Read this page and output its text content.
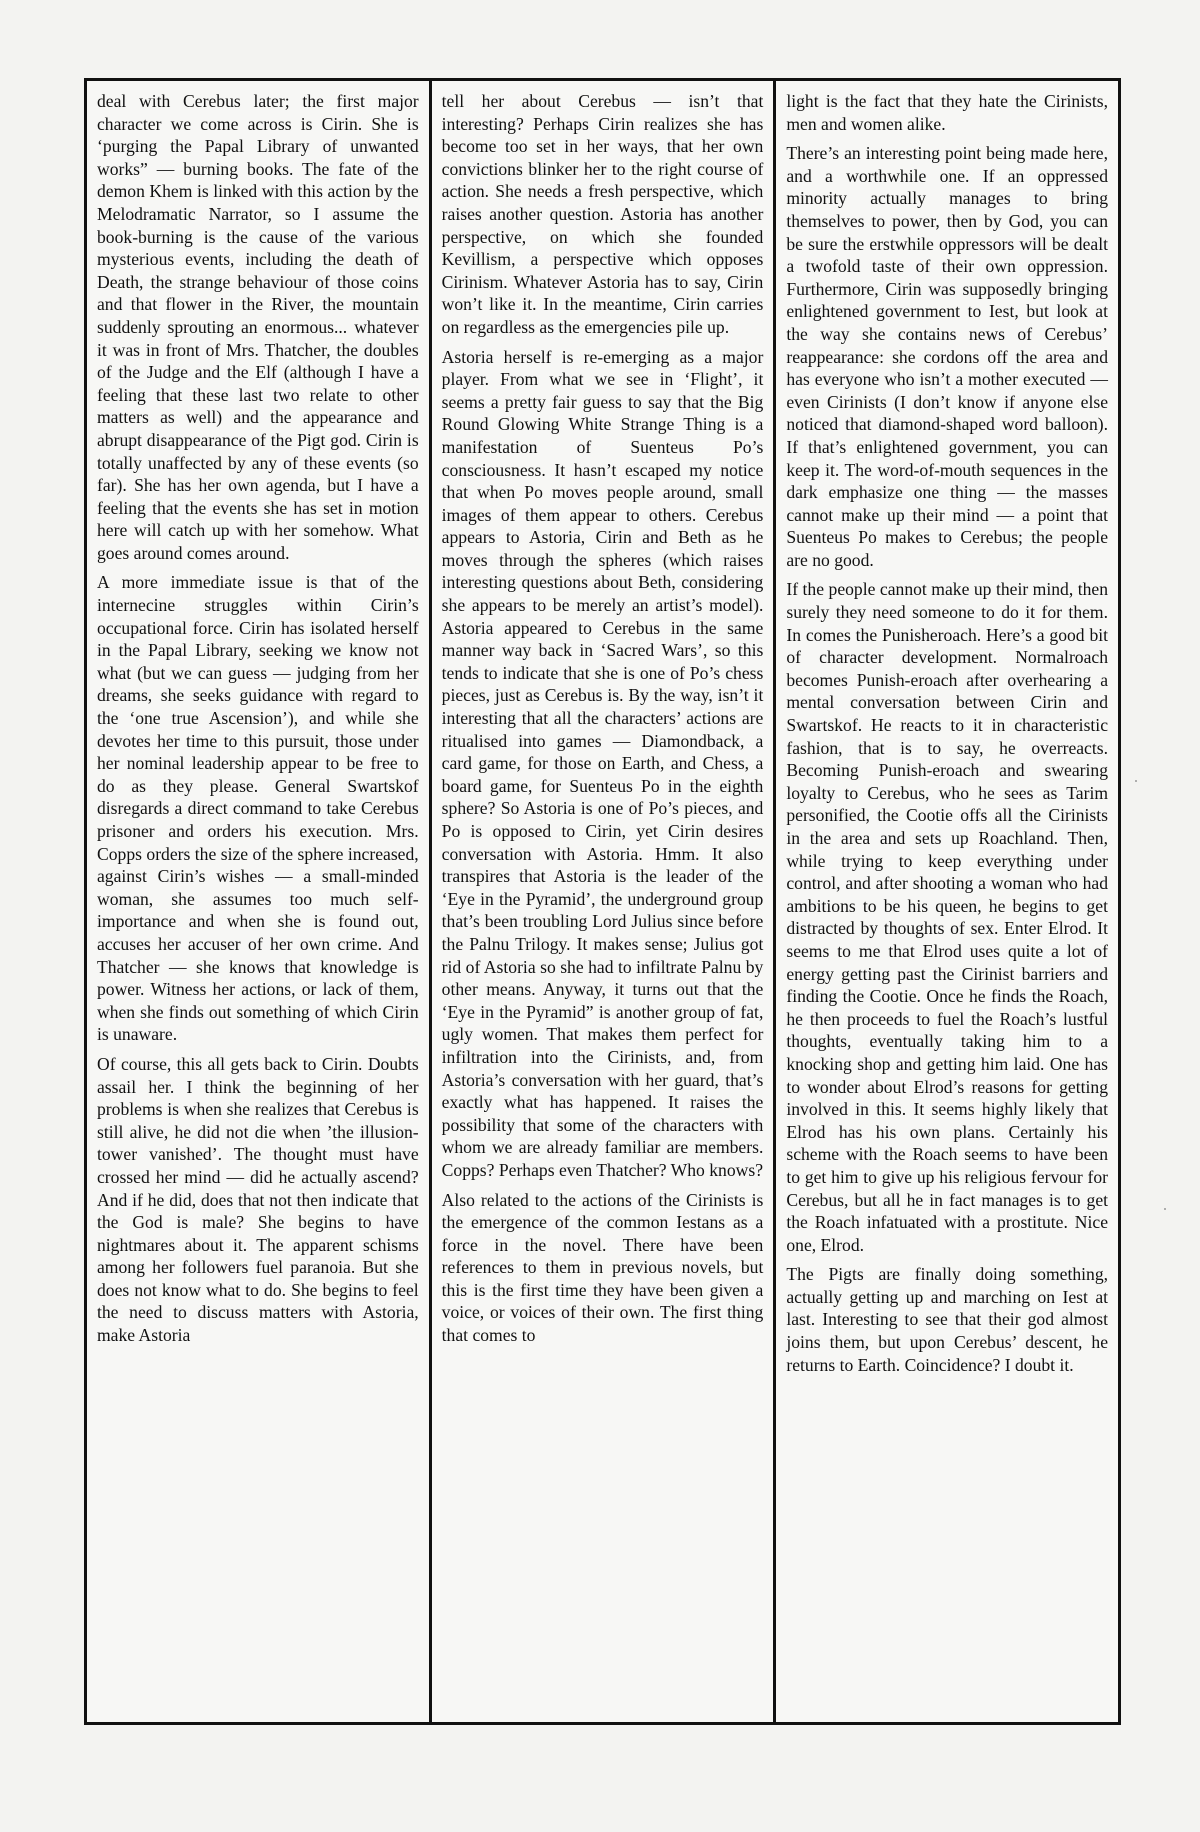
deal with Cerebus later; the first major character we come across is Cirin. She is ‘purging the Papal Library of unwanted works” — burning books. The fate of the demon Khem is linked with this action by the Melodramatic Narrator, so I assume the book-burning is the cause of the various mysterious events, including the death of Death, the strange behaviour of those coins and that flower in the River, the mountain suddenly sprouting an enormous... whatever it was in front of Mrs. Thatcher, the doubles of the Judge and the Elf (although I have a feeling that these last two relate to other matters as well) and the appearance and abrupt disappearance of the Pigt god. Cirin is totally unaffected by any of these events (so far). She has her own agenda, but I have a feeling that the events she has set in motion here will catch up with her somehow. What goes around comes around.

A more immediate issue is that of the internecine struggles within Cirin’s occupational force. Cirin has isolated herself in the Papal Library, seeking we know not what (but we can guess — judging from her dreams, she seeks guidance with regard to the ‘one true Ascension’), and while she devotes her time to this pursuit, those under her nominal leadership appear to be free to do as they please. General Swartskof disregards a direct command to take Cerebus prisoner and orders his execution. Mrs. Copps orders the size of the sphere increased, against Cirin’s wishes — a small-minded woman, she assumes too much self-importance and when she is found out, accuses her accuser of her own crime. And Thatcher — she knows that knowledge is power. Witness her actions, or lack of them, when she finds out something of which Cirin is unaware.

Of course, this all gets back to Cirin. Doubts assail her. I think the beginning of her problems is when she realizes that Cerebus is still alive, he did not die when ’the illusion-tower vanished’. The thought must have crossed her mind — did he actually ascend? And if he did, does that not then indicate that the God is male? She begins to have nightmares about it. The apparent schisms among her followers fuel paranoia. But she does not know what to do. She begins to feel the need to discuss matters with Astoria, make Astoria

tell her about Cerebus — isn’t that interesting? Perhaps Cirin realizes she has become too set in her ways, that her own convictions blinker her to the right course of action. She needs a fresh perspective, which raises another question. Astoria has another perspective, on which she founded Kevillism, a perspective which opposes Cirinism. Whatever Astoria has to say, Cirin won’t like it. In the meantime, Cirin carries on regardless as the emergencies pile up.

Astoria herself is re-emerging as a major player. From what we see in ‘Flight’, it seems a pretty fair guess to say that the Big Round Glowing White Strange Thing is a manifestation of Suenteus Po’s consciousness. It hasn’t escaped my notice that when Po moves people around, small images of them appear to others. Cerebus appears to Astoria, Cirin and Beth as he moves through the spheres (which raises interesting questions about Beth, considering she appears to be merely an artist’s model). Astoria appeared to Cerebus in the same manner way back in ‘Sacred Wars’, so this tends to indicate that she is one of Po’s chess pieces, just as Cerebus is. By the way, isn’t it interesting that all the characters’ actions are ritualised into games — Diamondback, a card game, for those on Earth, and Chess, a board game, for Suenteus Po in the eighth sphere? So Astoria is one of Po’s pieces, and Po is opposed to Cirin, yet Cirin desires conversation with Astoria. Hmm. It also transpires that Astoria is the leader of the ‘Eye in the Pyramid’, the underground group that’s been troubling Lord Julius since before the Palnu Trilogy. It makes sense; Julius got rid of Astoria so she had to infiltrate Palnu by other means. Anyway, it turns out that the ‘Eye in the Pyramid” is another group of fat, ugly women. That makes them perfect for infiltration into the Cirinists, and, from Astoria’s conversation with her guard, that’s exactly what has happened. It raises the possibility that some of the characters with whom we are already familiar are members. Copps? Perhaps even Thatcher? Who knows?

Also related to the actions of the Cirinists is the emergence of the common Iestans as a force in the novel. There have been references to them in previous novels, but this is the first time they have been given a voice, or voices of their own. The first thing that comes to

light is the fact that they hate the Cirinists, men and women alike.

There’s an interesting point being made here, and a worthwhile one. If an oppressed minority actually manages to bring themselves to power, then by God, you can be sure the erstwhile oppressors will be dealt a twofold taste of their own oppression. Furthermore, Cirin was supposedly bringing enlightened government to Iest, but look at the way she contains news of Cerebus’ reappearance: she cordons off the area and has everyone who isn’t a mother executed — even Cirinists (I don’t know if anyone else noticed that diamond-shaped word balloon). If that’s enlightened government, you can keep it. The word-of-mouth sequences in the dark emphasize one thing — the masses cannot make up their mind — a point that Suenteus Po makes to Cerebus; the people are no good.

If the people cannot make up their mind, then surely they need someone to do it for them. In comes the Punisheroach. Here’s a good bit of character development. Normalroach becomes Punish-eroach after overhearing a mental conversation between Cirin and Swartskof. He reacts to it in characteristic fashion, that is to say, he overreacts. Becoming Punish-eroach and swearing loyalty to Cerebus, who he sees as Tarim personified, the Cootie offs all the Cirinists in the area and sets up Roachland. Then, while trying to keep everything under control, and after shooting a woman who had ambitions to be his queen, he begins to get distracted by thoughts of sex. Enter Elrod. It seems to me that Elrod uses quite a lot of energy getting past the Cirinist barriers and finding the Cootie. Once he finds the Roach, he then proceeds to fuel the Roach’s lustful thoughts, eventually taking him to a knocking shop and getting him laid. One has to wonder about Elrod’s reasons for getting involved in this. It seems highly likely that Elrod has his own plans. Certainly his scheme with the Roach seems to have been to get him to give up his religious fervour for Cerebus, but all he in fact manages is to get the Roach infatuated with a prostitute. Nice one, Elrod.

The Pigts are finally doing something, actually getting up and marching on Iest at last. Interesting to see that their god almost joins them, but upon Cerebus’ descent, he returns to Earth. Coincidence? I doubt it.
